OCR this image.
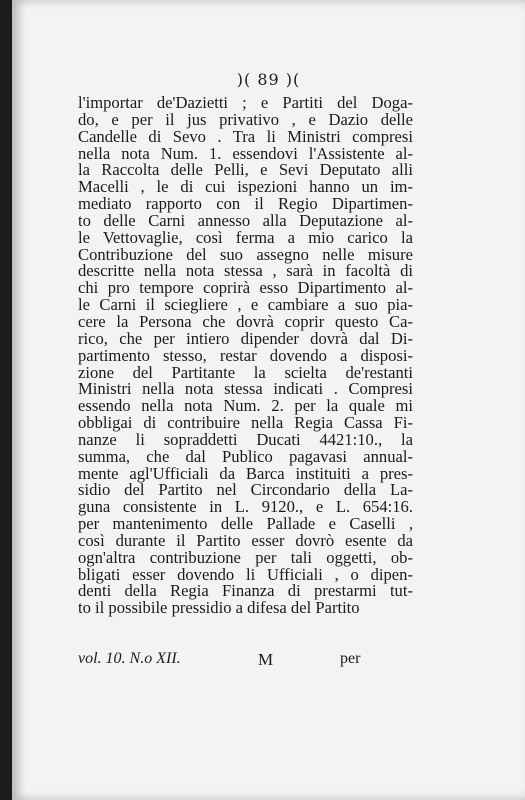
)( 89 )(
l'importar de'Dazietti ; e Partiti del Doga-
do, e per il jus privativo , e Dazio delle
Candelle di Sevo . Tra li Ministri compresi
nella nota Num. 1. essendovi l'Assistente al-
la Raccolta delle Pelli, e Sevi Deputato alli
Macelli , le di cui ispezioni hanno un im-
mediato rapporto con il Regio Dipartimen-
to delle Carni annesso alla Deputazione al-
le Vettovaglie, così ferma a mio carico la
Contribuzione del suo assegno nelle misure
descritte nella nota stessa , sarà in facoltà di
chi pro tempore coprirà esso Dipartimento al-
le Carni il sciegliere , e cambiare a suo pia-
cere la Persona che dovrà coprir questo Ca-
rico, che per intiero dipender dovrà dal Di-
partimento stesso, restar dovendo a disposi-
zione del Partitante la scielta de'restanti
Ministri nella nota stessa indicati . Compresi
essendo nella nota Num. 2. per la quale mi
obbligai di contribuire nella Regia Cassa Fi-
nanze li sopraddetti Ducati 4421:10., la
summa, che dal Publico pagavasi annual-
mente agl'Ufficiali da Barca instituiti a pres-
sidio del Partito nel Circondario della La-
guna consistente in L. 9120., e L. 654:16.
per mantenimento delle Pallade e Caselli ,
così durante il Partito esser dovrò esente da
ogn'altra contribuzione per tali oggetti, ob-
bligati esser dovendo li Ufficiali , o dipen-
denti della Regia Finanza di prestarmi tut-
to il possibile pressidio a difesa del Partito
vol. 10. N.o XII.	M	per
